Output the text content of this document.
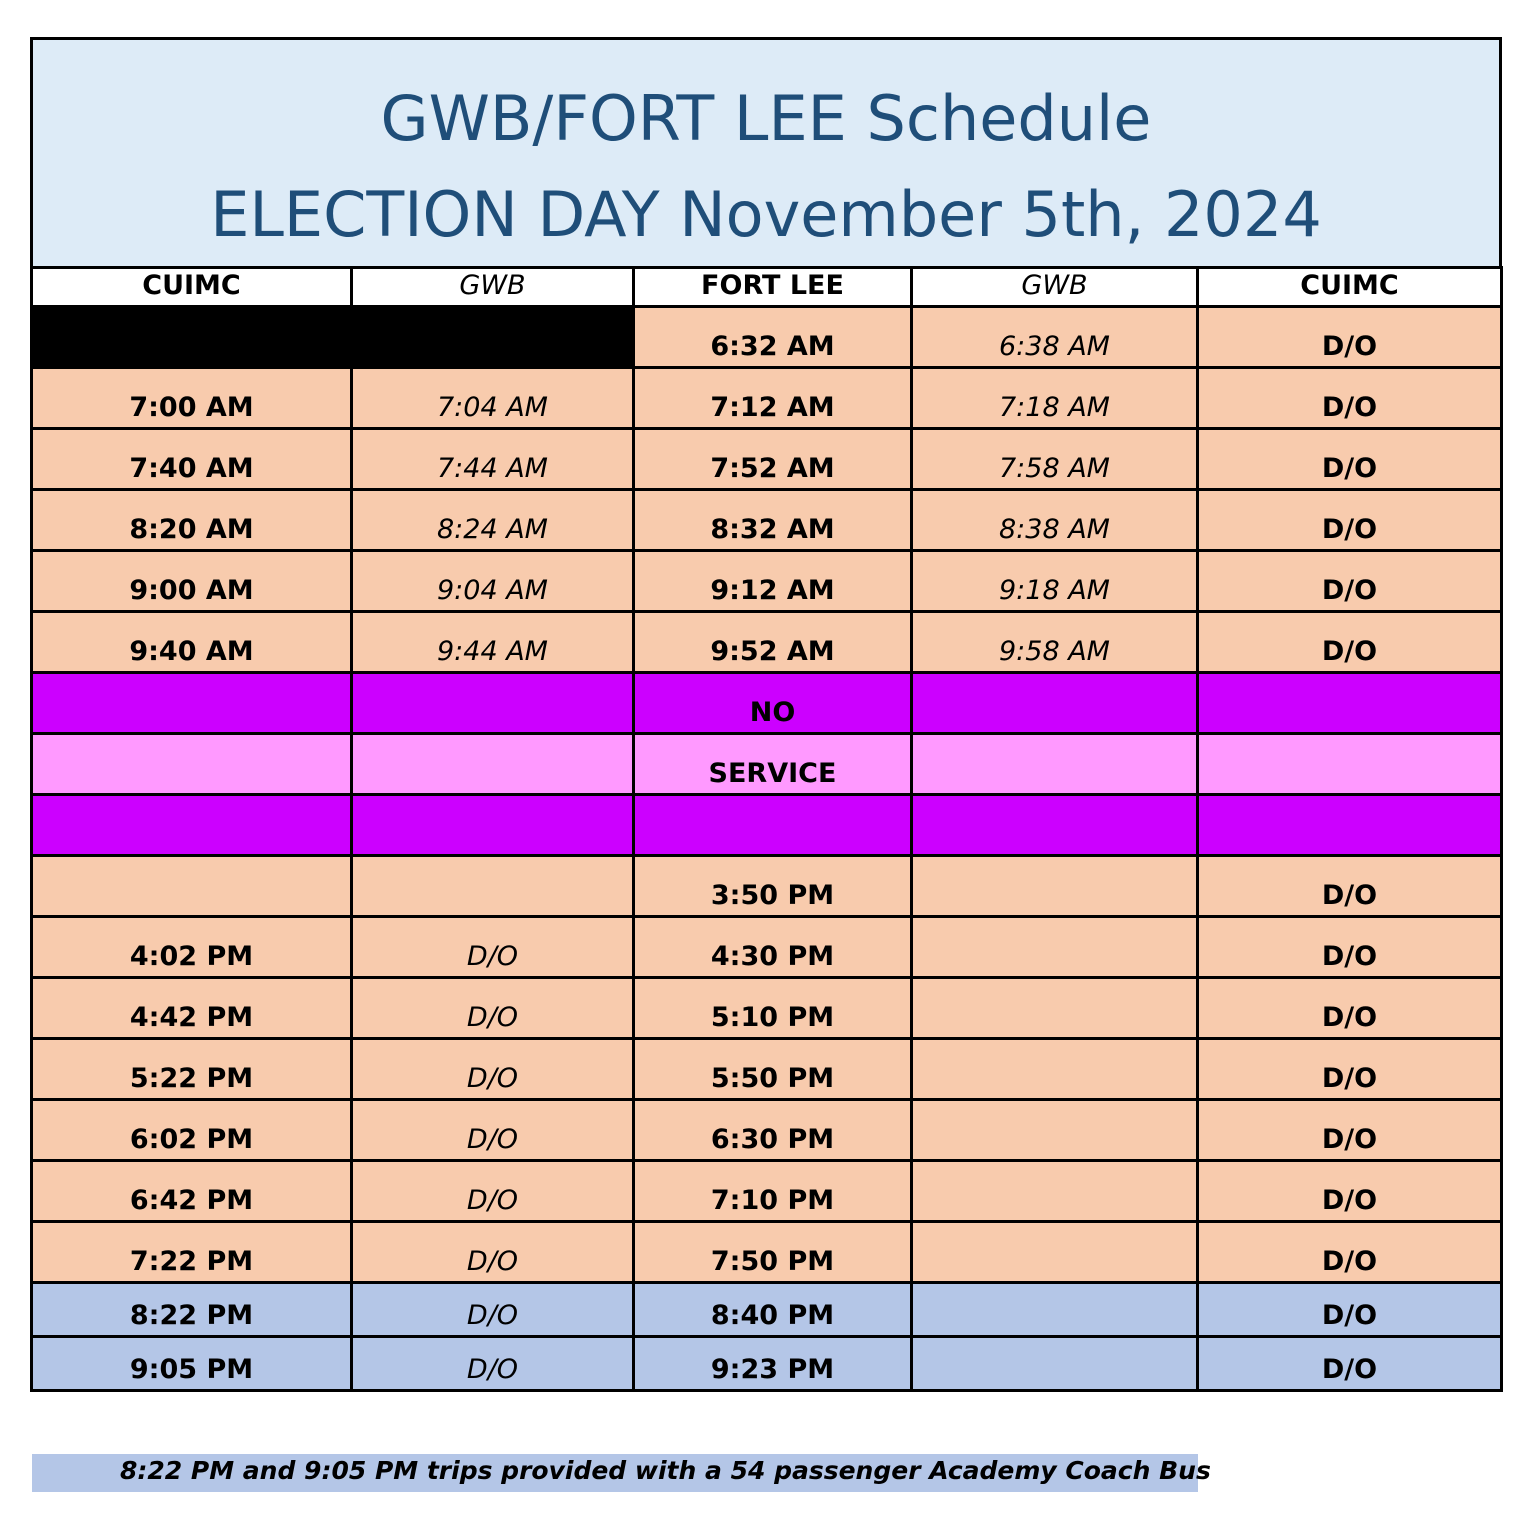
GWB/FORT LEE Schedule
ELECTION DAY November 5th, 2024
CUIMC	GWB	FORT LEE	GWB	CUIMC

		6:32 AM	6:38 AM	D/O

7:00 AM	7:04 AM	7:12 AM	7:18 AM	D/O

7:40 AM	7:44 AM	7:52 AM	7:58 AM	D/O

8:20 AM	8:24 AM	8:32 AM	8:38 AM	D/O

9:00 AM	9:04 AM	9:12 AM	9:18 AM	D/O

9:40 AM	9:44 AM	9:52 AM	9:58 AM	D/O

		NO		

		SERVICE		

		3:50 PM		D/O

4:02 PM	D/O	4:30 PM		D/O

4:42 PM	D/O	5:10 PM		D/O

5:22 PM	D/O	5:50 PM		D/O

6:02 PM	D/O	6:30 PM		D/O

6:42 PM	D/O	7:10 PM		D/O

7:22 PM	D/O	7:50 PM		D/O

8:22 PM	D/O	8:40 PM		D/O

9:05 PM	D/O	9:23 PM		D/O
8:22 PM and 9:05 PM trips provided with a 54 passenger Academy Coach Bus
